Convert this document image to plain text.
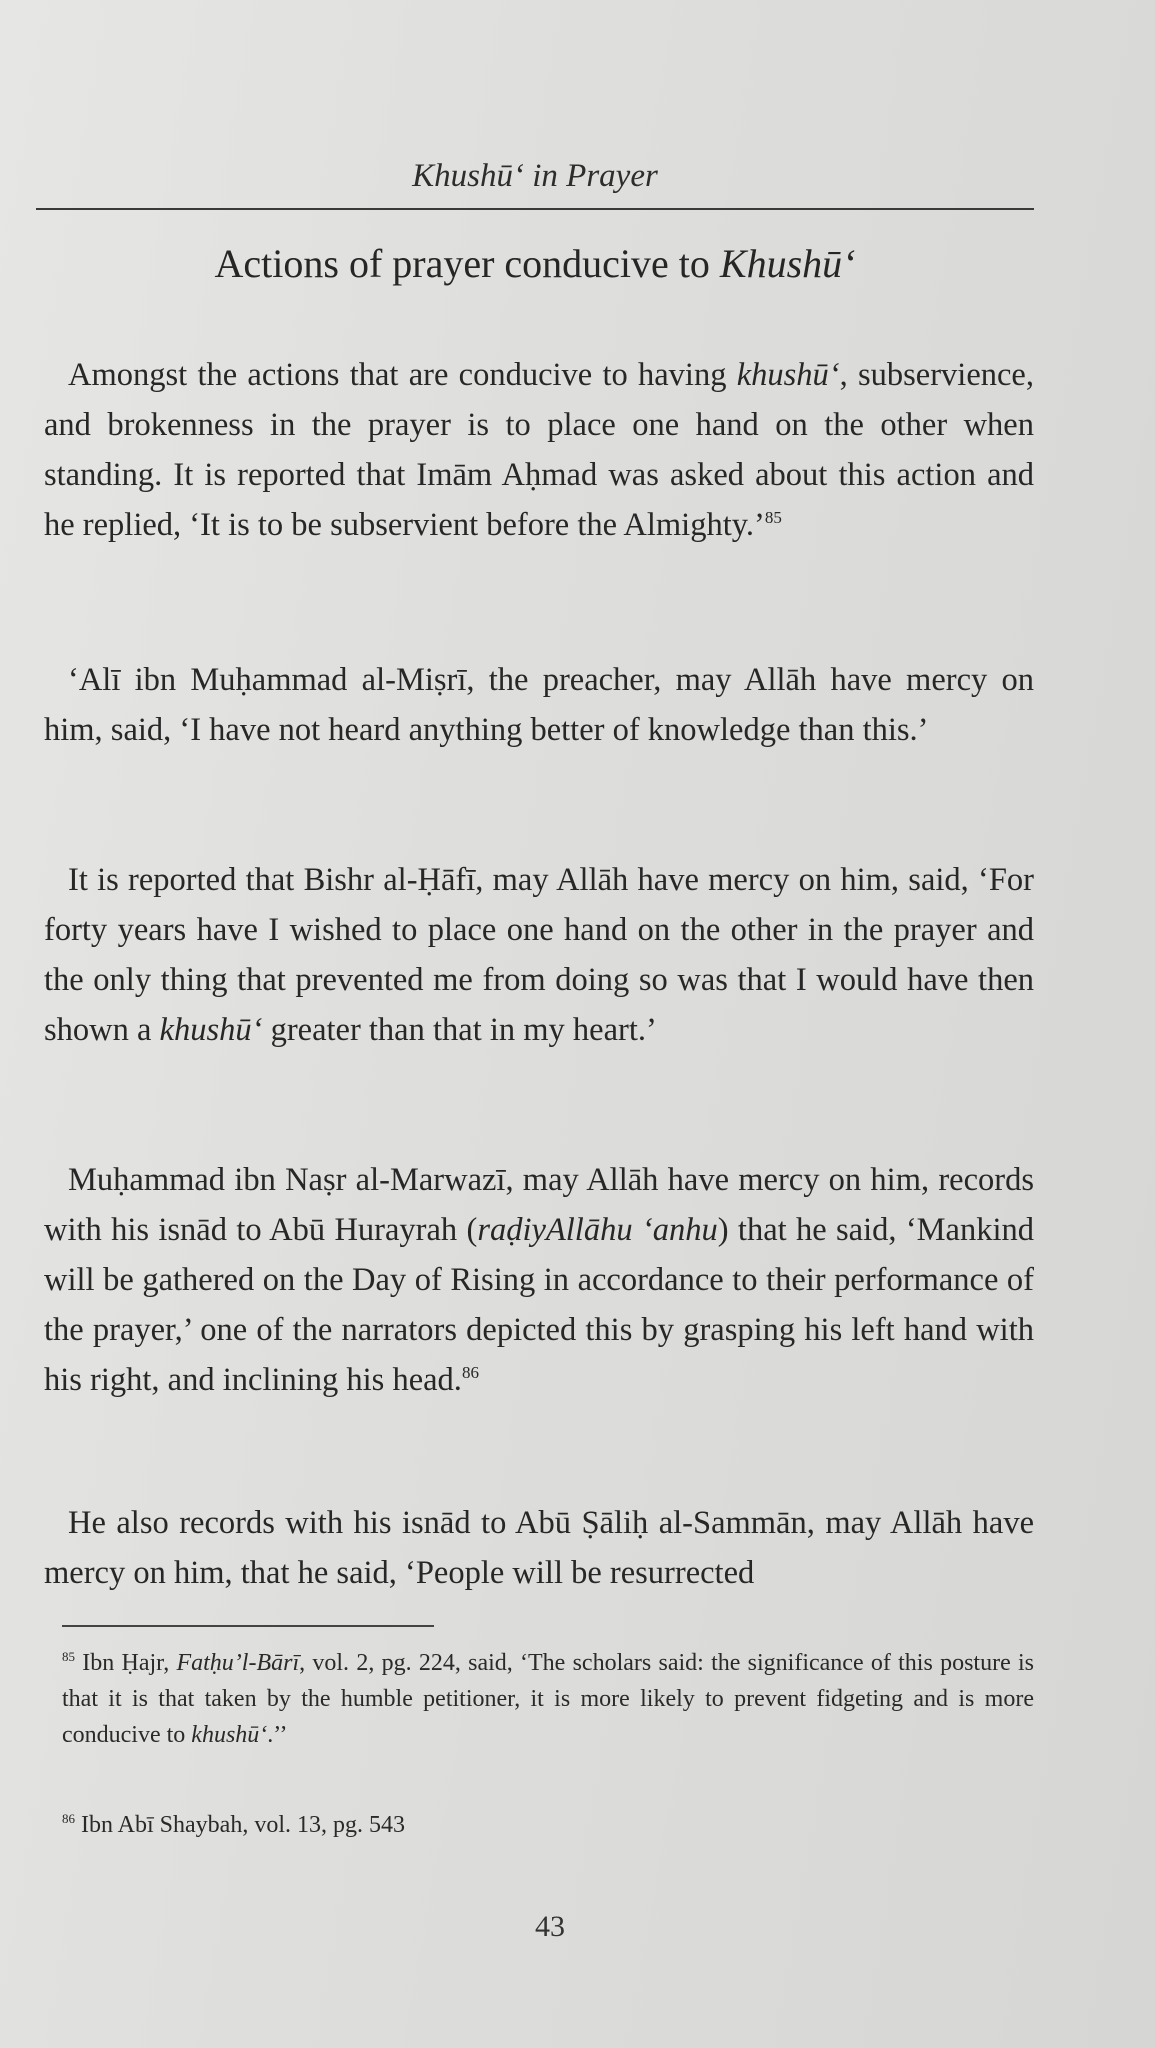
Khushū‘ in Prayer
Actions of prayer conducive to Khushū‘

Amongst the actions that are conducive to having khushū‘, subservience, and brokenness in the prayer is to place one hand on the other when standing. It is reported that Imām Aḥmad was asked about this action and he replied, ‘It is to be subservient before the Almighty.’$^{85}$

‘Alī ibn Muḥammad al-Miṣrī, the preacher, may Allāh have mercy on him, said, ‘I have not heard anything better of knowledge than this.’

It is reported that Bishr al-Ḥāfī, may Allāh have mercy on him, said, ‘For forty years have I wished to place one hand on the other in the prayer and the only thing that prevented me from doing so was that I would have then shown a khushū‘ greater than that in my heart.’

Muḥammad ibn Naṣr al-Marwazī, may Allāh have mercy on him, records with his isnād to Abū Hurayrah (raḍiyAllāhu ‘anhu) that he said, ‘Mankind will be gathered on the Day of Rising in accordance to their performance of the prayer,’ one of the narrators depicted this by grasping his left hand with his right, and inclining his head.$^{86}$

He also records with his isnād to Abū Ṣāliḥ al-Sammān, may Allāh have mercy on him, that he said, ‘People will be resurrected

$^{85}$ Ibn Ḥajr, Fatḥu’l-Bārī, vol. 2, pg. 224, said, ‘The scholars said: the significance of this posture is that it is that taken by the humble petitioner, it is more likely to prevent fidgeting and is more conducive to khushū‘.’’

$^{86}$ Ibn Abī Shaybah, vol. 13, pg. 543

43
